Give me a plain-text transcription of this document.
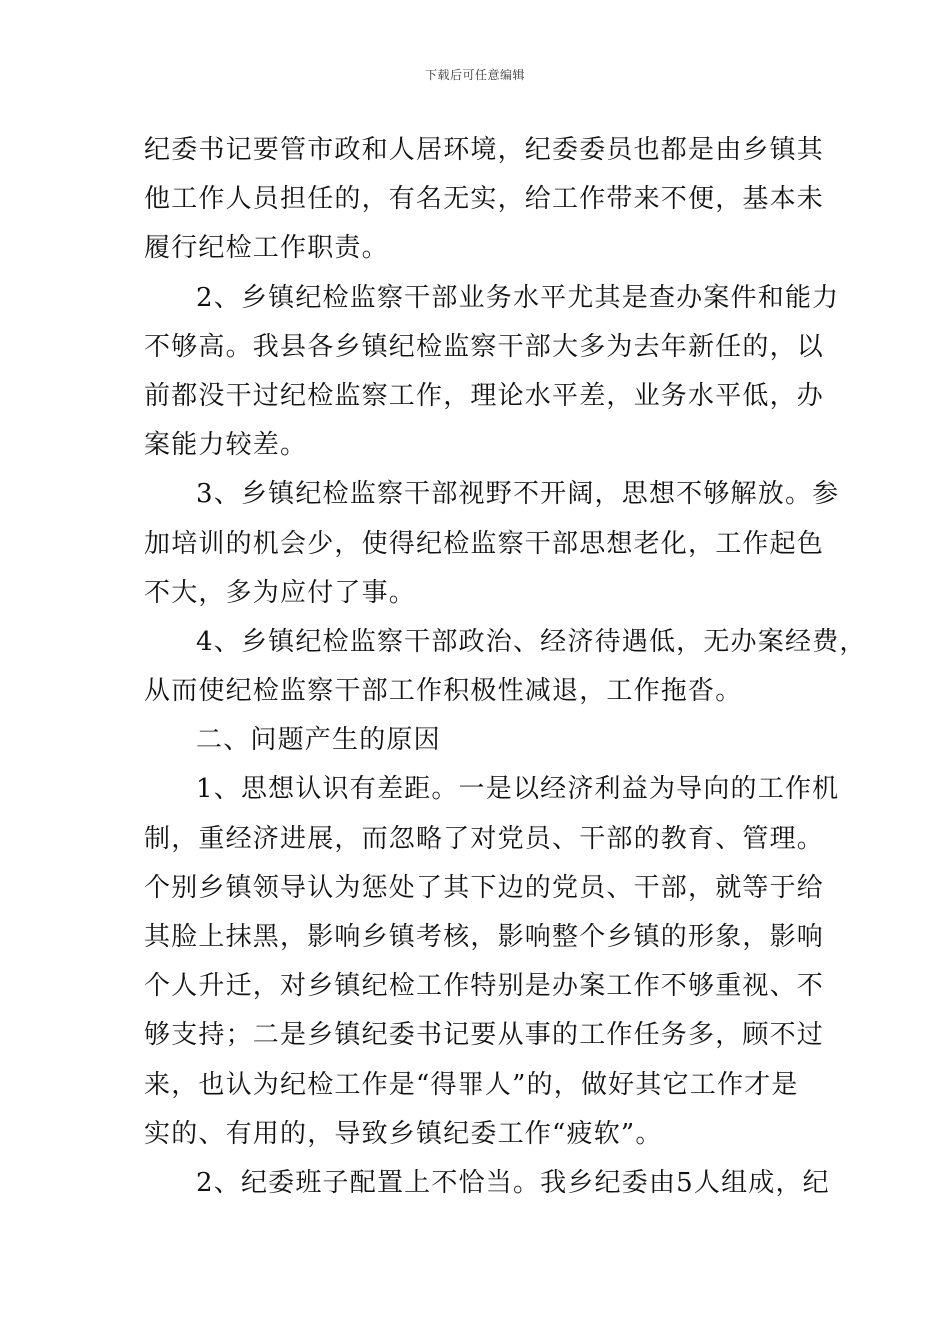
下载后可任意编辑
纪委书记要管市政和人居环境，纪委委员也都是由乡镇其
他工作人员担任的，有名无实，给工作带来不便，基本未
履行纪检工作职责。
2、乡镇纪检监察干部业务水平尤其是查办案件和能力
不够高。我县各乡镇纪检监察干部大多为去年新任的，以
前都没干过纪检监察工作，理论水平差，业务水平低，办
案能力较差。
3、乡镇纪检监察干部视野不开阔，思想不够解放。参
加培训的机会少，使得纪检监察干部思想老化，工作起色
不大，多为应付了事。
4、乡镇纪检监察干部政治、经济待遇低，无办案经费，
从而使纪检监察干部工作积极性减退，工作拖沓。
二、问题产生的原因
1、思想认识有差距。一是以经济利益为导向的工作机
制，重经济进展，而忽略了对党员、干部的教育、管理。
个别乡镇领导认为惩处了其下边的党员、干部，就等于给
其脸上抹黑，影响乡镇考核，影响整个乡镇的形象，影响
个人升迁，对乡镇纪检工作特别是办案工作不够重视、不
够支持；二是乡镇纪委书记要从事的工作任务多，顾不过
来，也认为纪检工作是“得罪人”的，做好其它工作才是
实的、有用的，导致乡镇纪委工作“疲软”。
2、纪委班子配置上不恰当。我乡纪委由5人组成，纪
